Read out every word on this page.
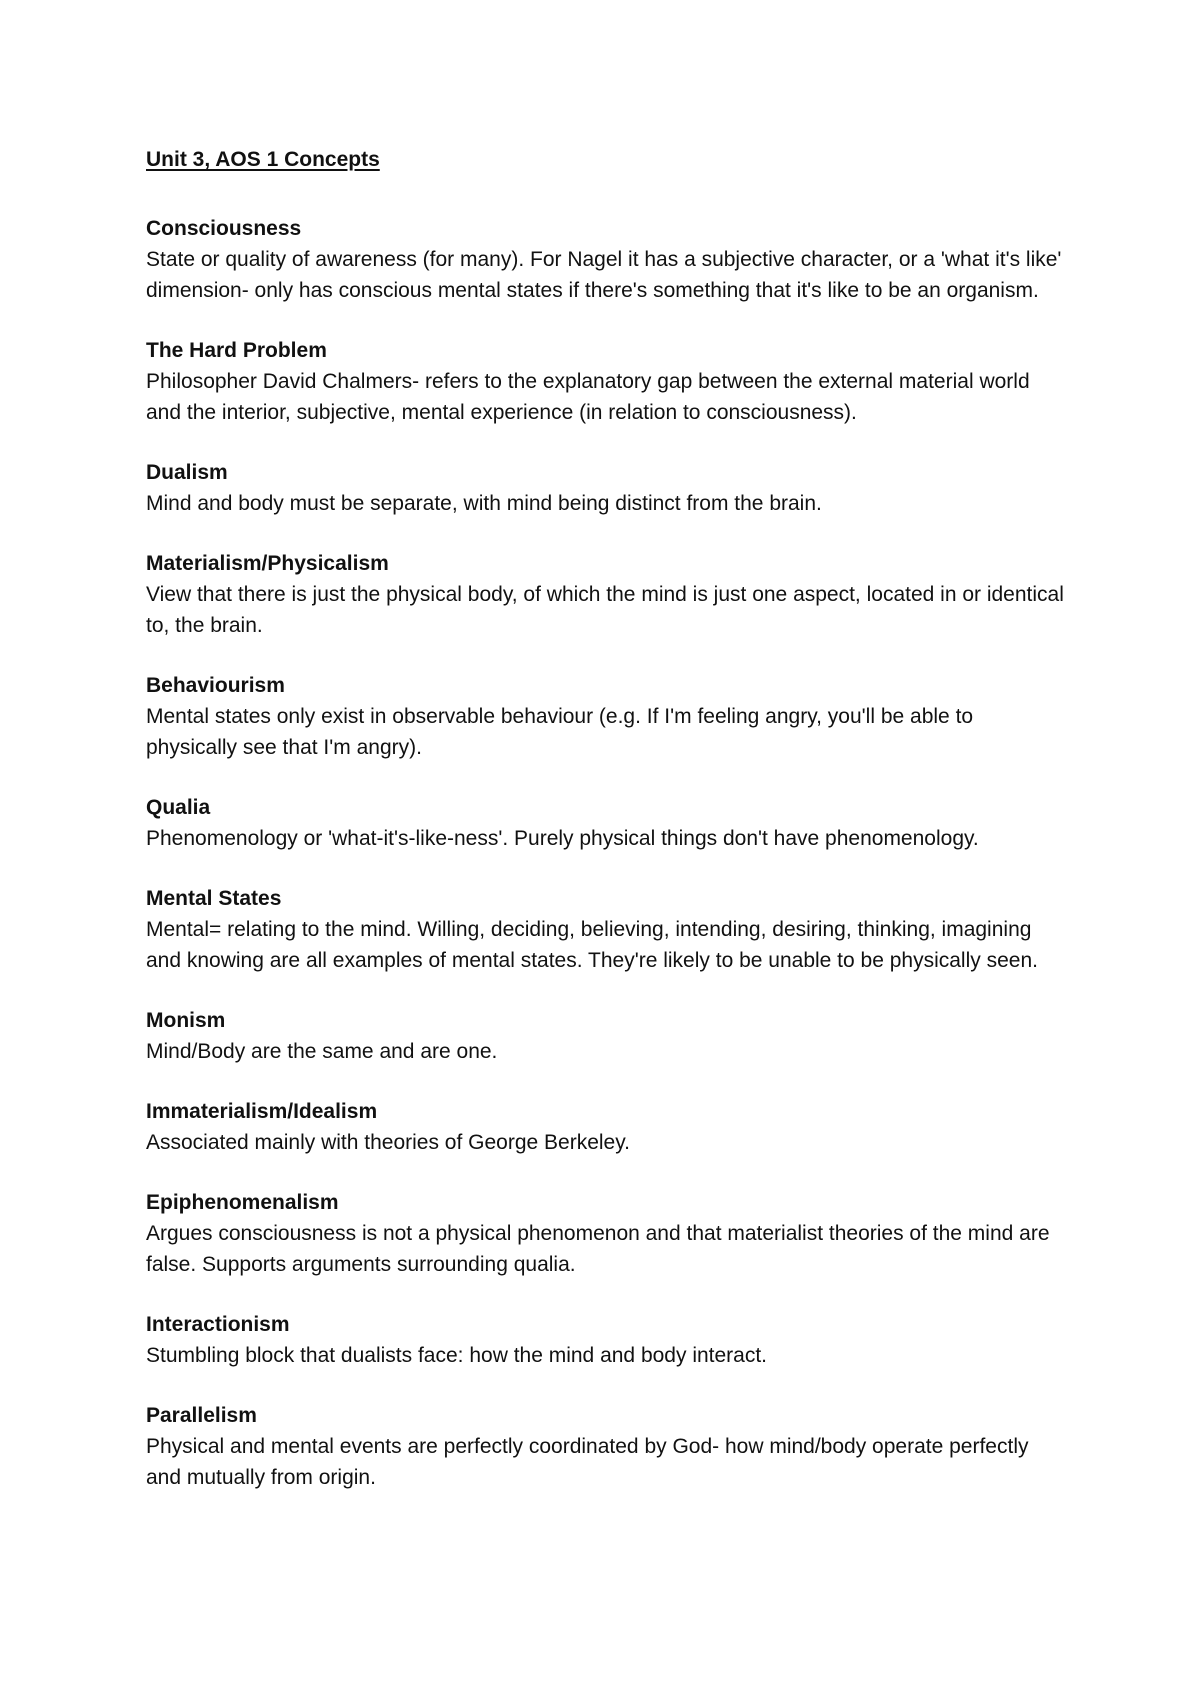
Unit 3, AOS 1 Concepts
Consciousness
State or quality of awareness (for many). For Nagel it has a subjective character, or a 'what it's like' dimension- only has conscious mental states if there's something that it's like to be an organism.
The Hard Problem
Philosopher David Chalmers- refers to the explanatory gap between the external material world and the interior, subjective, mental experience (in relation to consciousness).
Dualism
Mind and body must be separate, with mind being distinct from the brain.
Materialism/Physicalism
View that there is just the physical body, of which the mind is just one aspect, located in or identical to, the brain.
Behaviourism
Mental states only exist in observable behaviour (e.g. If I'm feeling angry, you'll be able to physically see that I'm angry).
Qualia
Phenomenology or 'what-it's-like-ness'. Purely physical things don't have phenomenology.
Mental States
Mental= relating to the mind. Willing, deciding, believing, intending, desiring, thinking, imagining and knowing are all examples of mental states. They're likely to be unable to be physically seen.
Monism
Mind/Body are the same and are one.
Immaterialism/Idealism
Associated mainly with theories of George Berkeley.
Epiphenomenalism
Argues consciousness is not a physical phenomenon and that materialist theories of the mind are false. Supports arguments surrounding qualia.
Interactionism
Stumbling block that dualists face: how the mind and body interact.
Parallelism
Physical and mental events are perfectly coordinated by God- how mind/body operate perfectly and mutually from origin.
